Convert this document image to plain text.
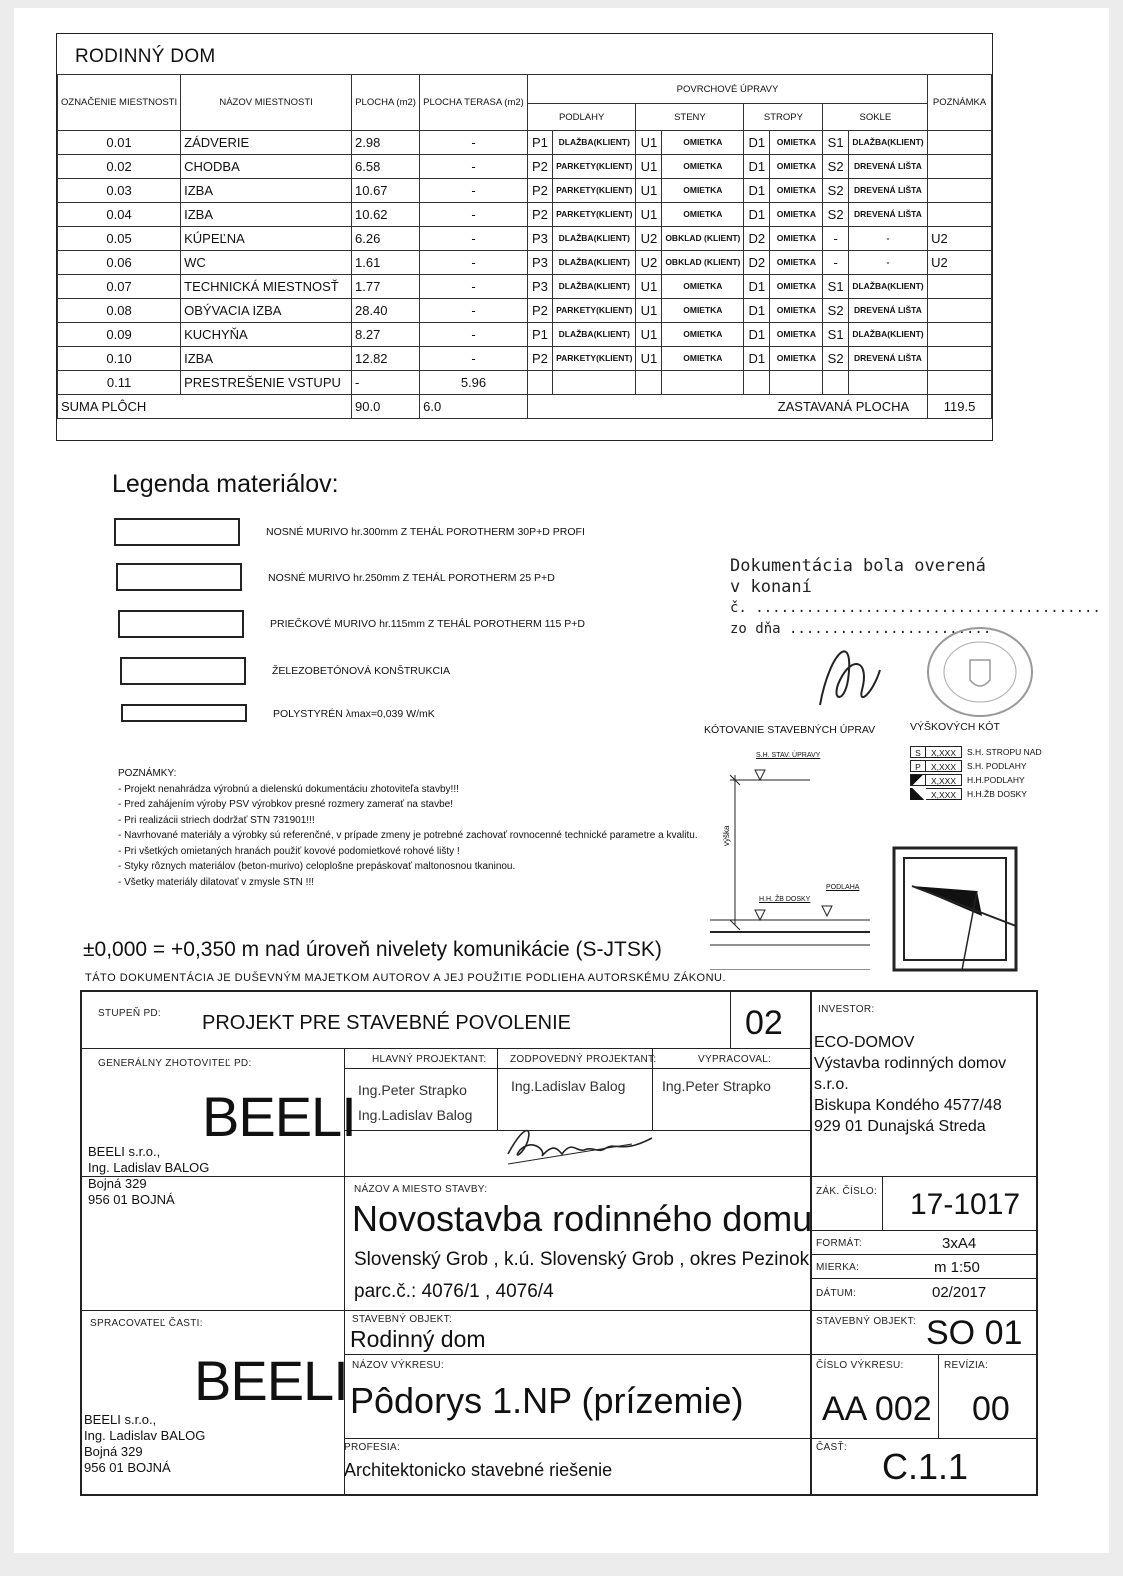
RODINNÝ DOM
OZNAČENIE MIESTNOSTI	NÁZOV MIESTNOSTI	PLOCHA (m2)	PLOCHA TERASA (m2)	POVRCHOVÉ ÚPRAVY								POZNÁMKA
				PODLAHY		STENY		STROPY		SOKLE		
0.01	ZÁDVERIE	2.98	-	P1	DLAŽBA(KLIENT)	U1	OMIETKA	D1	OMIETKA	S1	DLAŽBA(KLIENT)	
0.02	CHODBA	6.58	-	P2	PARKETY(KLIENT)	U1	OMIETKA	D1	OMIETKA	S2	DREVENÁ LIŠTA	
0.03	IZBA	10.67	-	P2	PARKETY(KLIENT)	U1	OMIETKA	D1	OMIETKA	S2	DREVENÁ LIŠTA	
0.04	IZBA	10.62	-	P2	PARKETY(KLIENT)	U1	OMIETKA	D1	OMIETKA	S2	DREVENÁ LIŠTA	
0.05	KÚPEĽNA	6.26	-	P3	DLAŽBA(KLIENT)	U2	OBKLAD (KLIENT)	D2	OMIETKA	-	-	U2
0.06	WC	1.61	-	P3	DLAŽBA(KLIENT)	U2	OBKLAD (KLIENT)	D2	OMIETKA	-	-	U2
0.07	TECHNICKÁ MIESTNOSŤ	1.77	-	P3	DLAŽBA(KLIENT)	U1	OMIETKA	D1	OMIETKA	S1	DLAŽBA(KLIENT)	
0.08	OBÝVACIA IZBA	28.40	-	P2	PARKETY(KLIENT)	U1	OMIETKA	D1	OMIETKA	S2	DREVENÁ LIŠTA	
0.09	KUCHYŇA	8.27	-	P1	DLAŽBA(KLIENT)	U1	OMIETKA	D1	OMIETKA	S1	DLAŽBA(KLIENT)	
0.10	IZBA	12.82	-	P2	PARKETY(KLIENT)	U1	OMIETKA	D1	OMIETKA	S2	DREVENÁ LIŠTA	
0.11	PRESTREŠENIE VSTUPU	-	5.96									
SUMA PLÔCH		90.0	6.0	ZASTAVANÁ PLOCHA								119.5
Legenda materiálov:
NOSNÉ MURIVO hr.300mm Z TEHÁL POROTHERM 30P+D PROFI
NOSNÉ MURIVO hr.250mm Z TEHÁL POROTHERM 25 P+D
PRIEČKOVÉ MURIVO hr.115mm Z TEHÁL POROTHERM 115 P+D
ŽELEZOBETÓNOVÁ KONŠTRUKCIA
POLYSTYRÉN λmax=0,039 W/mK
POZNÁMKY:
- Projekt nenahrádza výrobnú a dielenskú dokumentáciu zhotoviteľa stavby!!!
- Pred zahájením výroby PSV výrobkov presné rozmery zamerať na stavbe!
- Pri realizácii striech dodržať STN 731901!!!
- Navrhované materiály a výrobky sú referenčné, v prípade zmeny je potrebné zachovať rovnocenné technické parametre a kvalitu.
- Pri všetkých omietaných hranách použiť kovové podomietkové rohové lišty !
- Styky rôznych materiálov (beton-murivo) celoplošne prepáskovať maltonosnou tkaninou.
- Všetky materiály dilatovať v zmysle STN !!!
±0,000 = +0,350 m nad úroveň nivelety komunikácie (S-JTSK)
TÁTO DOKUMENTÁCIA JE DUŠEVNÝM MAJETKOM AUTOROV A JEJ POUŽITIE PODLIEHA AUTORSKÉMU ZÁKONU.
Dokumentácia bola overená
v konaní
č. .........................................
zo dňa ........................
KÓTOVANIE STAVEBNÝCH ÚPRAV
S.H. STAV. ÚPRAVY
výška
H.H. ŽB DOSKY
PODLAHA
VÝŠKOVÝCH KÓT
S	X,XXX	S.H. STROPU NAD
P	X,XXX	S.H. PODLAHY
X,XXX	H.H.PODLAHY
X,XXX	H.H.ŽB DOSKY
STUPEŇ PD: PROJEKT PRE STAVEBNÉ POVOLENIE	02	INVESTOR:
ECO-DOMOV
Výstavba rodinných domov s.r.o.
Biskupa Kondého 4577/48
929 01 Dunajská Streda
GENERÁLNY ZHOTOVITEĽ PD:
BEELI
BEELI s.r.o.,
Ing. Ladislav BALOG
Bojná 329
956 01 BOJNÁ
HLAVNÝ PROJEKTANT:
Ing.Peter Strapko
Ing.Ladislav Balog
ZODPOVEDNÝ PROJEKTANT:
Ing.Ladislav Balog
VYPRACOVAL:
Ing.Peter Strapko
NÁZOV A MIESTO STAVBY:
Novostavba rodinného domu
Slovenský Grob , k.ú. Slovenský Grob , okres Pezinok
parc.č.: 4076/1 , 4076/4
ZÁK. ČÍSLO: 17-1017
FORMÁT:	3xA4
MIERKA:	m 1:50
DÁTUM:	02/2017
SPRACOVATEĽ ČASTI:
BEELI
BEELI s.r.o.,
Ing. Ladislav BALOG
Bojná 329
956 01 BOJNÁ
STAVEBNÝ OBJEKT:
Rodinný dom
STAVEBNÝ OBJEKT: SO 01
NÁZOV VÝKRESU:
Pôdorys 1.NP (prízemie)
ČÍSLO VÝKRESU:
AA 002
REVÍZIA:
00
PROFESIA:
Architektonicko stavebné riešenie
ČASŤ: C.1.1
